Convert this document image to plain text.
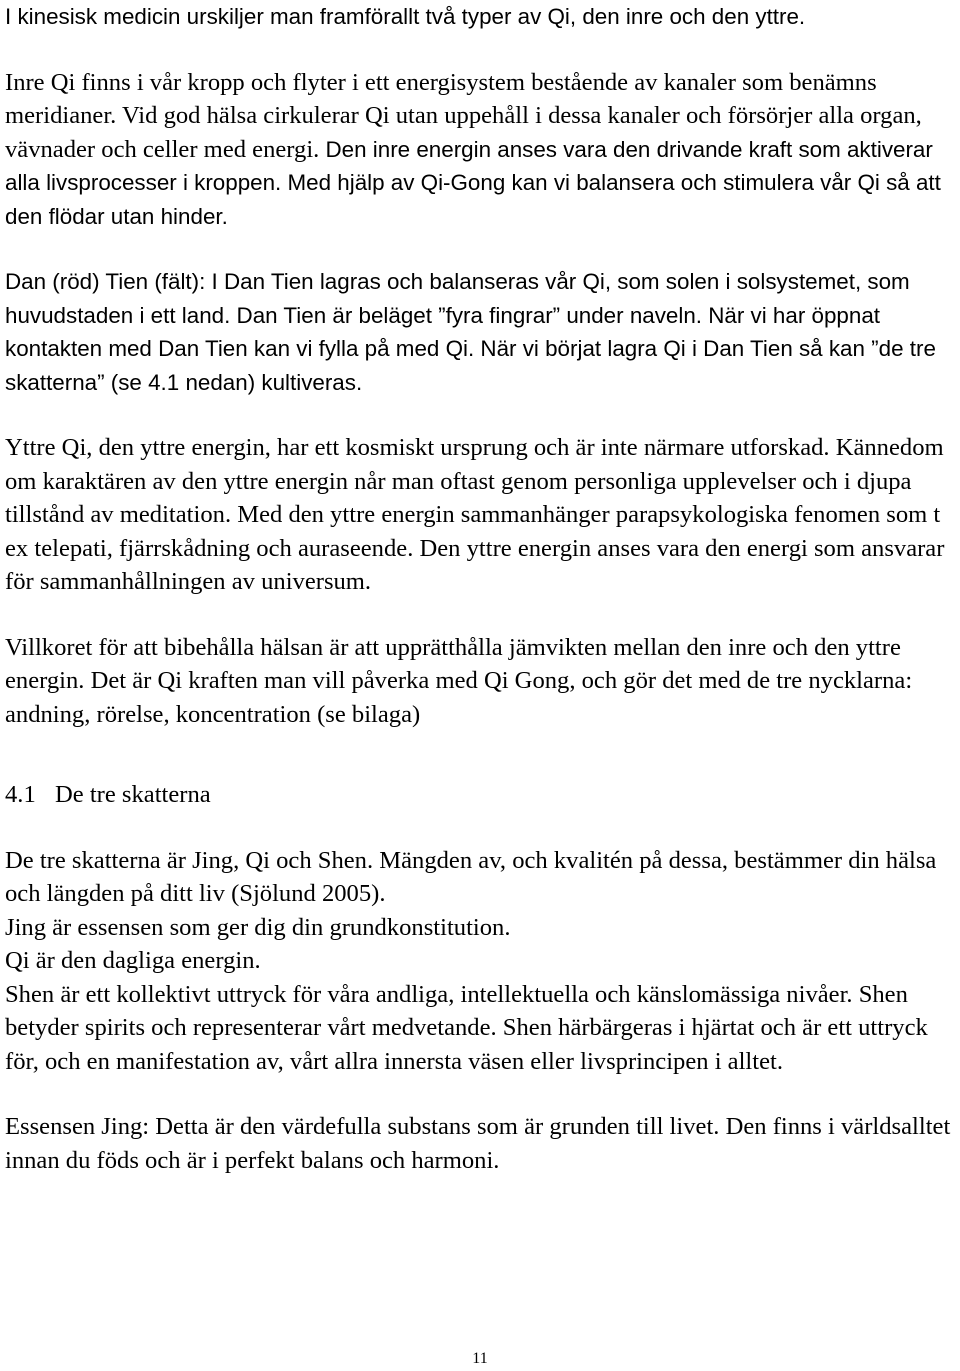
I kinesisk medicin urskiljer man framförallt två typer av Qi, den inre och den yttre.

Inre Qi finns i vår kropp och flyter i ett energisystem bestående av kanaler som benämns meridianer. Vid god hälsa cirkulerar Qi utan uppehåll i dessa kanaler och försörjer alla organ, vävnader och celler med energi. Den inre energin anses vara den drivande kraft som aktiverar alla livsprocesser i kroppen. Med hjälp av Qi-Gong kan vi balansera och stimulera vår Qi så att den flödar utan hinder.

Dan (röd) Tien (fält): I Dan Tien lagras och balanseras vår Qi, som solen i solsystemet, som huvudstaden i ett land. Dan Tien är beläget ”fyra fingrar” under naveln. När vi har öppnat kontakten med Dan Tien kan vi fylla på med Qi. När vi börjat lagra Qi i Dan Tien så kan ”de tre skatterna” (se 4.1 nedan) kultiveras.

Yttre Qi, den yttre energin, har ett kosmiskt ursprung och är inte närmare utforskad. Kännedom om karaktären av den yttre energin når man oftast genom personliga upplevelser och i djupa tillstånd av meditation. Med den yttre energin sammanhänger parapsykologiska fenomen som t ex telepati, fjärrskådning och auraseende. Den yttre energin anses vara den energi som ansvarar för sammanhållningen av universum.

Villkoret för att bibehålla hälsan är att upprätthålla jämvikten mellan den inre och den yttre energin. Det är Qi kraften man vill påverka med Qi Gong, och gör det med de tre nycklarna: andning, rörelse, koncentration (se bilaga)

4.1 De tre skatterna

De tre skatterna är Jing, Qi och Shen. Mängden av, och kvalitén på dessa, bestämmer din hälsa och längden på ditt liv (Sjölund 2005).
Jing är essensen som ger dig din grundkonstitution.
Qi är den dagliga energin.
Shen är ett kollektivt uttryck för våra andliga, intellektuella och känslomässiga nivåer. Shen betyder spirits och representerar vårt medvetande. Shen härbärgeras i hjärtat och är ett uttryck för, och en manifestation av, vårt allra innersta väsen eller livsprincipen i alltet.

Essensen Jing: Detta är den värdefulla substans som är grunden till livet. Den finns i världsalltet innan du föds och är i perfekt balans och harmoni.

11
